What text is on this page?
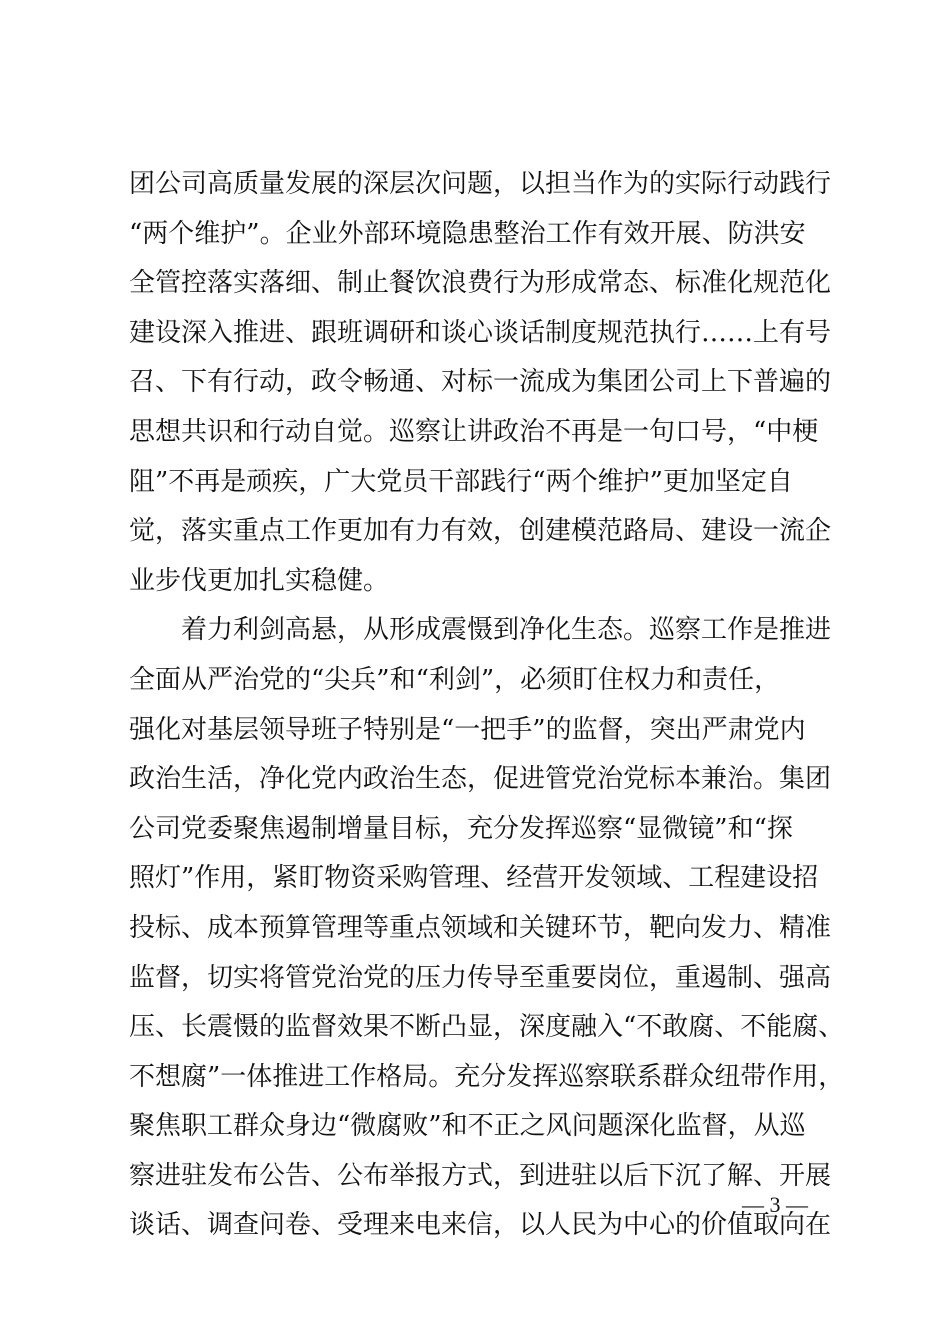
团公司高质量发展的深层次问题，以担当作为的实际行动践行
“两个维护”。企业外部环境隐患整治工作有效开展、防洪安
全管控落实落细、制止餐饮浪费行为形成常态、标准化规范化
建设深入推进、跟班调研和谈心谈话制度规范执行……上有号
召、下有行动，政令畅通、对标一流成为集团公司上下普遍的
思想共识和行动自觉。巡察让讲政治不再是一句口号，“中梗
阻”不再是顽疾，广大党员干部践行“两个维护”更加坚定自
觉，落实重点工作更加有力有效，创建模范路局、建设一流企
业步伐更加扎实稳健。
着力利剑高悬，从形成震慑到净化生态。巡察工作是推进
全面从严治党的“尖兵”和“利剑”，必须盯住权力和责任，
强化对基层领导班子特别是“一把手”的监督，突出严肃党内
政治生活，净化党内政治生态，促进管党治党标本兼治。集团
公司党委聚焦遏制增量目标，充分发挥巡察“显微镜”和“探
照灯”作用，紧盯物资采购管理、经营开发领域、工程建设招
投标、成本预算管理等重点领域和关键环节，靶向发力、精准
监督，切实将管党治党的压力传导至重要岗位，重遏制、强高
压、长震慑的监督效果不断凸显，深度融入“不敢腐、不能腐、
不想腐”一体推进工作格局。充分发挥巡察联系群众纽带作用，
聚焦职工群众身边“微腐败”和不正之风问题深化监督，从巡
察进驻发布公告、公布举报方式，到进驻以后下沉了解、开展
谈话、调查问卷、受理来电来信，以人民为中心的价值取向在
— 3 —
